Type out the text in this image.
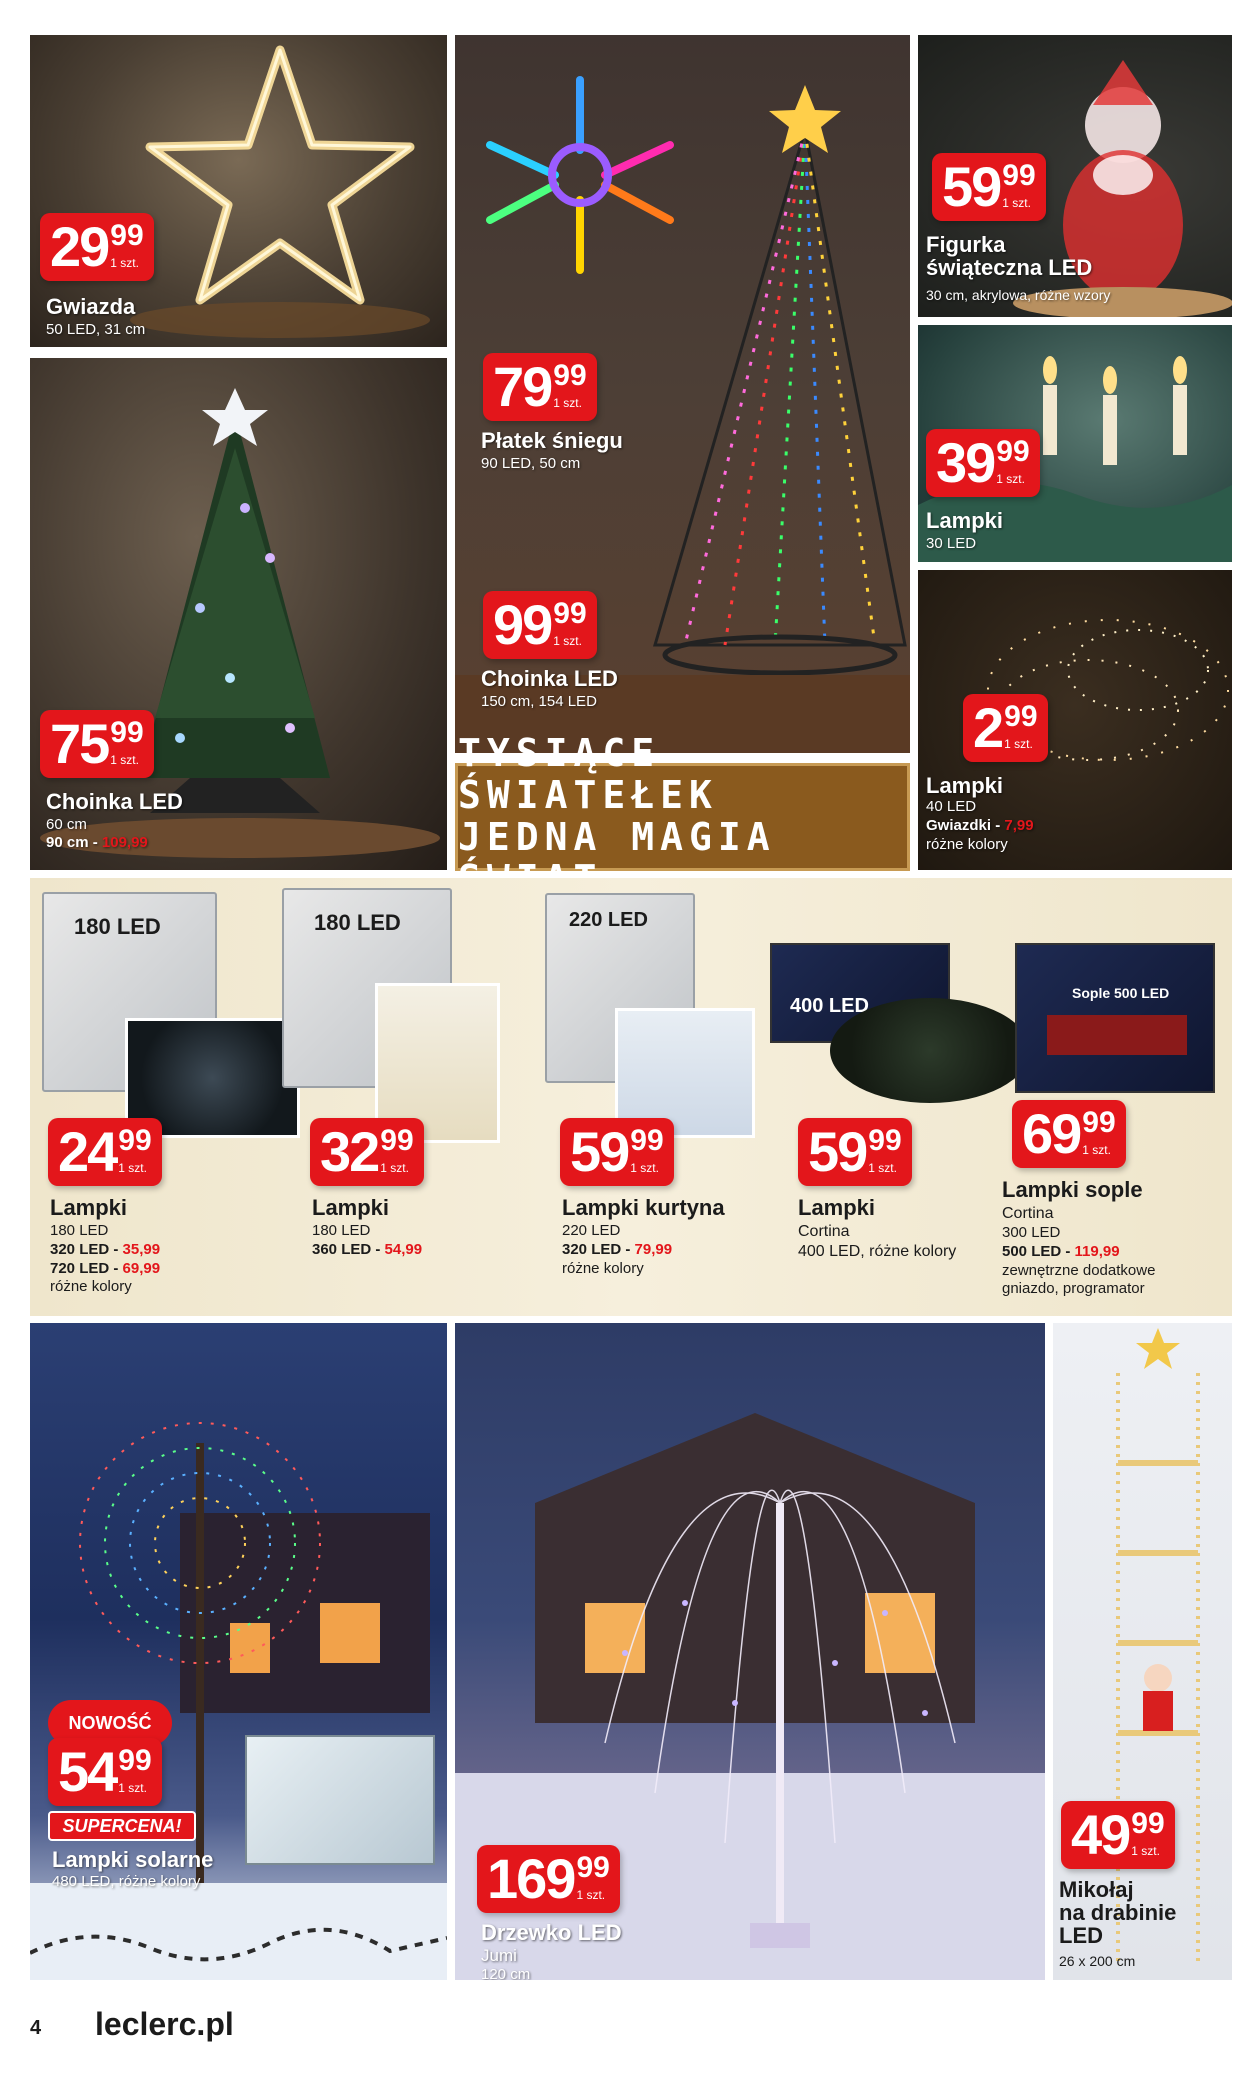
29 99
1 szt.
Gwiazda
50 LED, 31 cm
75 99
1 szt.
Choinka LED
60 cm
90 cm - 109,99
79 99
1 szt.
Płatek śniegu
90 LED, 50 cm
99 99
1 szt.
Choinka LED
150 cm, 154 LED
TYSIĄCE ŚWIATEŁEK
JEDNA MAGIA
59 99
1 szt.
Figurka
świąteczna LED
30 cm, akrylowa, różne wzory
39 99
1 szt.
Lampki
30 LED
2 99
1 szt.
Lampki
40 LED
Gwiazdki - 7,99
różne kolory
180 LED	180 LED	220 LED
400 LED
Sople 500 LED
24 99
1 szt.	32 99
1 szt.	59 99
1 szt.	59 99
1 szt.
69 99
1 szt.
Lampki
180 LED
320 LED - 35,99
720 LED - 69,99
różne kolory
Lampki
180 LED
360 LED - 54,99
Lampki kurtyna
220 LED
320 LED - 79,99
różne kolory
Lampki
Cortina
400 LED, różne kolory
Lampki sople
Cortina
300 LED
500 LED - 119,99
zewnętrzne dodatkowe
gniazdo, programator
NOWOŚĆ
54 99
1 szt.
SUPERCENA!
Lampki solarne
480 LED, różne kolory	169 99
1 szt.
Drzewko LED
Jumi
120 cm
49 99
1 szt.
Mikołaj
na drabinie
LED
26 x 200 cm
4 leclerc.pl
